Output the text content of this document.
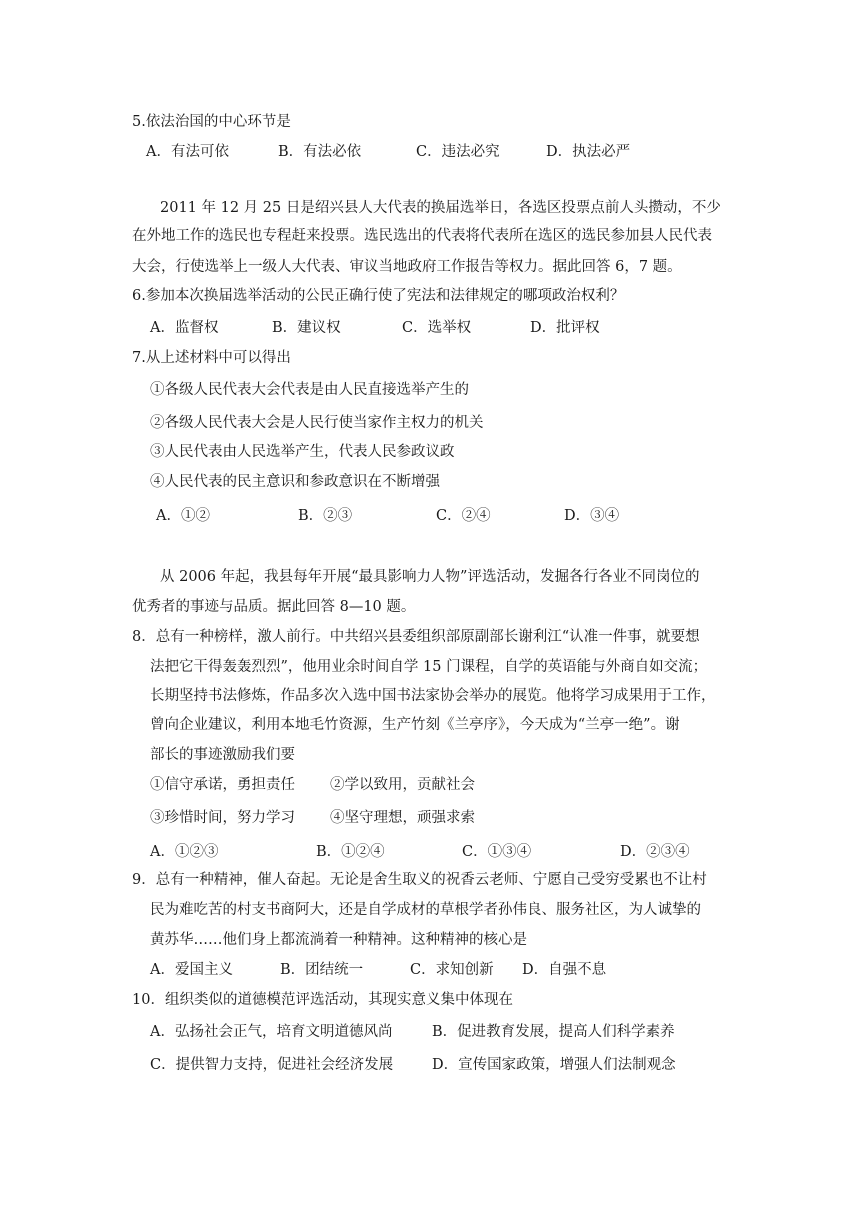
5.依法治国的中心环节是
A．有法可依	B．有法必依	C．违法必究	D．执法必严
2011 年 12 月 25 日是绍兴县人大代表的换届选举日，各选区投票点前人头攒动，不少
在外地工作的选民也专程赶来投票。选民选出的代表将代表所在选区的选民参加县人民代表
大会，行使选举上一级人大代表、审议当地政府工作报告等权力。据此回答 6，7 题。
6.参加本次换届选举活动的公民正确行使了宪法和法律规定的哪项政治权利？
A．监督权	B．建议权	C．选举权	D．批评权
7.从上述材料中可以得出
①各级人民代表大会代表是由人民直接选举产生的
②各级人民代表大会是人民行使当家作主权力的机关
③人民代表由人民选举产生，代表人民参政议政
④人民代表的民主意识和参政意识在不断增强
A．①②	B．②③	C．②④	D．③④
从 2006 年起，我县每年开展“最具影响力人物”评选活动，发掘各行各业不同岗位的
优秀者的事迹与品质。据此回答 8—10 题。
8．总有一种榜样，激人前行。中共绍兴县委组织部原副部长谢利江“认准一件事，就要想
法把它干得轰轰烈烈”，他用业余时间自学 15 门课程，自学的英语能与外商自如交流；
长期坚持书法修炼，作品多次入选中国书法家协会举办的展览。他将学习成果用于工作，
曾向企业建议，利用本地毛竹资源，生产竹刻《兰亭序》，今天成为“兰亭一绝”。谢
部长的事迹激励我们要
①信守承诺，勇担责任 ②学以致用，贡献社会
③珍惜时间，努力学习 ④坚守理想，顽强求索
A．①②③	B．①②④	C．①③④	D．②③④
9．总有一种精神，催人奋起。无论是舍生取义的祝香云老师、宁愿自己受穷受累也不让村
民为难吃苦的村支书商阿大，还是自学成材的草根学者孙伟良、服务社区，为人诚挚的
黄苏华……他们身上都流淌着一种精神。这种精神的核心是
A．爱国主义	B．团结统一	C．求知创新 D．自强不息
10．组织类似的道德模范评选活动，其现实意义集中体现在
A．弘扬社会正气，培育文明道德风尚	B．促进教育发展，提高人们科学素养
C．提供智力支持，促进社会经济发展	D．宣传国家政策，增强人们法制观念
